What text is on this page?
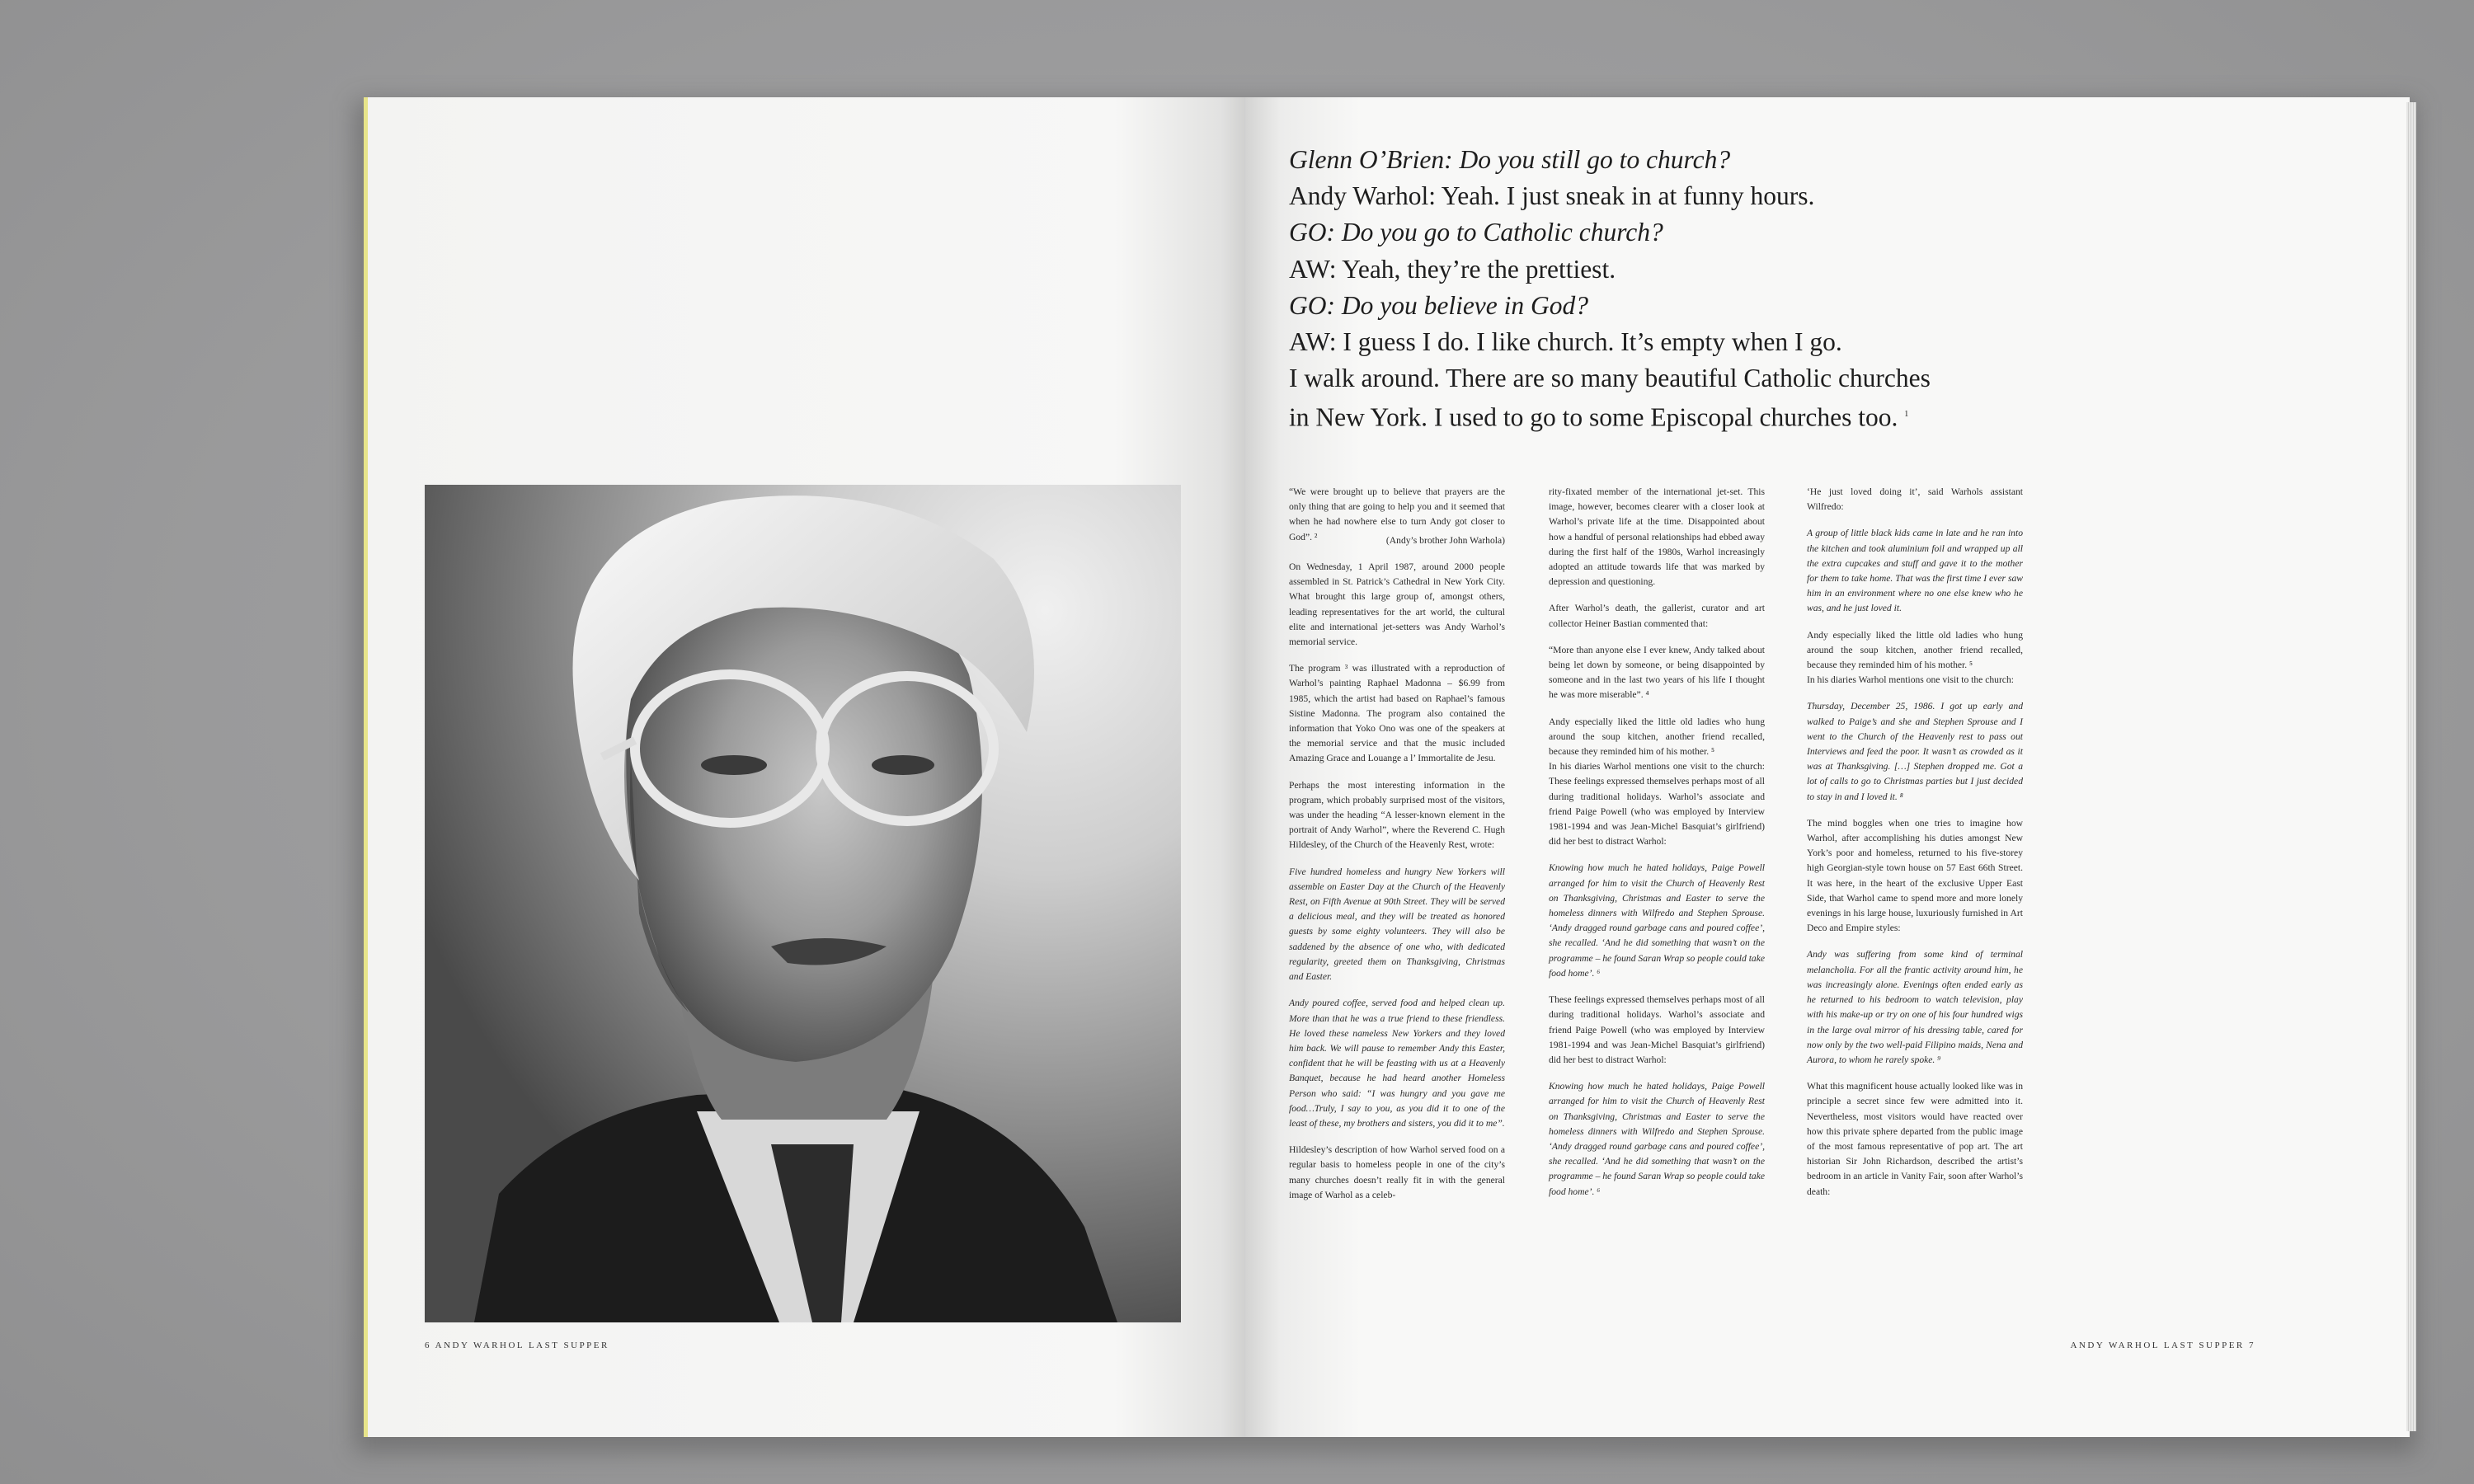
6 ANDY WARHOL LAST SUPPER
Glenn O’Brien: Do you still go to church?
Andy Warhol: Yeah. I just sneak in at funny hours.
GO: Do you go to Catholic church?
AW: Yeah, they’re the prettiest.
GO: Do you believe in God?
AW: I guess I do. I like church. It’s empty when I go.
I walk around. There are so many beautiful Catholic churches
in New York. I used to go to some Episcopal churches too. $^1$

“We were brought up to believe that prayers are the only thing that are going to help you and it seemed that when he had nowhere else to turn Andy got closer to God”. ²	(Andy’s brother John Warhola)

On Wednesday, 1 April 1987, around 2000 people assembled in St. Patrick’s Cathedral in New York City. What brought this large group of, amongst others, leading representatives for the art world, the cultural elite and international jet-setters was Andy Warhol’s memorial service.

The program ³ was illustrated with a reproduction of Warhol’s painting Raphael Madonna – $6.99 from 1985, which the artist had based on Raphael’s famous Sistine Madonna. The program also contained the information that Yoko Ono was one of the speakers at the memorial service and that the music included Amazing Grace and Louange a l’ Immortalite de Jesu.

Perhaps the most interesting information in the program, which probably surprised most of the visitors, was under the heading “A lesser-known element in the portrait of Andy Warhol”, where the Reverend C. Hugh Hildesley, of the Church of the Heavenly Rest, wrote:

Five hundred homeless and hungry New Yorkers will assemble on Easter Day at the Church of the Heavenly Rest, on Fifth Avenue at 90th Street. They will be served a delicious meal, and they will be treated as honored guests by some eighty volunteers. They will also be saddened by the absence of one who, with dedicated regularity, greeted them on Thanksgiving, Christmas and Easter.

Andy poured coffee, served food and helped clean up. More than that he was a true friend to these friendless. He loved these nameless New Yorkers and they loved him back. We will pause to remember Andy this Easter, confident that he will be feasting with us at a Heavenly Banquet, because he had heard another Homeless Person who said: “I was hungry and you gave me food…Truly, I say to you, as you did it to one of the least of these, my brothers and sisters, you did it to me”.

Hildesley’s description of how Warhol served food on a regular basis to homeless people in one of the city’s many churches doesn’t really fit in with the general image of Warhol as a celeb-

rity-fixated member of the international jet-set. This image, however, becomes clearer with a closer look at Warhol’s private life at the time. Disappointed about how a handful of personal relationships had ebbed away during the first half of the 1980s, Warhol increasingly adopted an attitude towards life that was marked by depression and questioning.

After Warhol’s death, the gallerist, curator and art collector Heiner Bastian commented that:

“More than anyone else I ever knew, Andy talked about being let down by someone, or being disappointed by someone and in the last two years of his life I thought he was more miserable”. ⁴

Andy especially liked the little old ladies who hung around the soup kitchen, another friend recalled, because they reminded him of his mother. ⁵

In his diaries Warhol mentions one visit to the church: These feelings expressed themselves perhaps most of all during traditional holidays. Warhol’s associate and friend Paige Powell (who was employed by Interview 1981-1994 and was Jean-Michel Basquiat’s girlfriend) did her best to distract Warhol:

Knowing how much he hated holidays, Paige Powell arranged for him to visit the Church of Heavenly Rest on Thanksgiving, Christmas and Easter to serve the homeless dinners with Wilfredo and Stephen Sprouse. ‘Andy dragged round garbage cans and poured coffee’, she recalled. ‘And he did something that wasn’t on the programme – he found Saran Wrap so people could take food home’. ⁶

These feelings expressed themselves perhaps most of all during traditional holidays. Warhol’s associate and friend Paige Powell (who was employed by Interview 1981-1994 and was Jean-Michel Basquiat’s girlfriend) did her best to distract Warhol:

Knowing how much he hated holidays, Paige Powell arranged for him to visit the Church of Heavenly Rest on Thanksgiving, Christmas and Easter to serve the homeless dinners with Wilfredo and Stephen Sprouse. ‘Andy dragged round garbage cans and poured coffee’, she recalled. ‘And he did something that wasn’t on the programme – he found Saran Wrap so people could take food home’. ⁶

‘He just loved doing it’, said Warhols assistant Wilfredo:

A group of little black kids came in late and he ran into the kitchen and took aluminium foil and wrapped up all the extra cupcakes and stuff and gave it to the mother for them to take home. That was the first time I ever saw him in an environment where no one else knew who he was, and he just loved it.

Andy especially liked the little old ladies who hung around the soup kitchen, another friend recalled, because they reminded him of his mother. ⁵

In his diaries Warhol mentions one visit to the church:

Thursday, December 25, 1986. I got up early and walked to Paige’s and she and Stephen Sprouse and I went to the Church of the Heavenly rest to pass out Interviews and feed the poor. It wasn’t as crowded as it was at Thanksgiving. […] Stephen dropped me. Got a lot of calls to go to Christmas parties but I just decided to stay in and I loved it. ⁸

The mind boggles when one tries to imagine how Warhol, after accomplishing his duties amongst New York’s poor and homeless, returned to his five-storey high Georgian-style town house on 57 East 66th Street. It was here, in the heart of the exclusive Upper East Side, that Warhol came to spend more and more lonely evenings in his large house, luxuriously furnished in Art Deco and Empire styles:

Andy was suffering from some kind of terminal melancholia. For all the frantic activity around him, he was increasingly alone. Evenings often ended early as he returned to his bedroom to watch television, play with his make-up or try on one of his four hundred wigs in the large oval mirror of his dressing table, cared for now only by the two well-paid Filipino maids, Nena and Aurora, to whom he rarely spoke. ⁹

What this magnificent house actually looked like was in principle a secret since few were admitted into it. Nevertheless, most visitors would have reacted over how this private sphere departed from the public image of the most famous representative of pop art. The art historian Sir John Richardson, described the artist’s bedroom in an article in Vanity Fair, soon after Warhol’s death:

ANDY WARHOL LAST SUPPER 7
